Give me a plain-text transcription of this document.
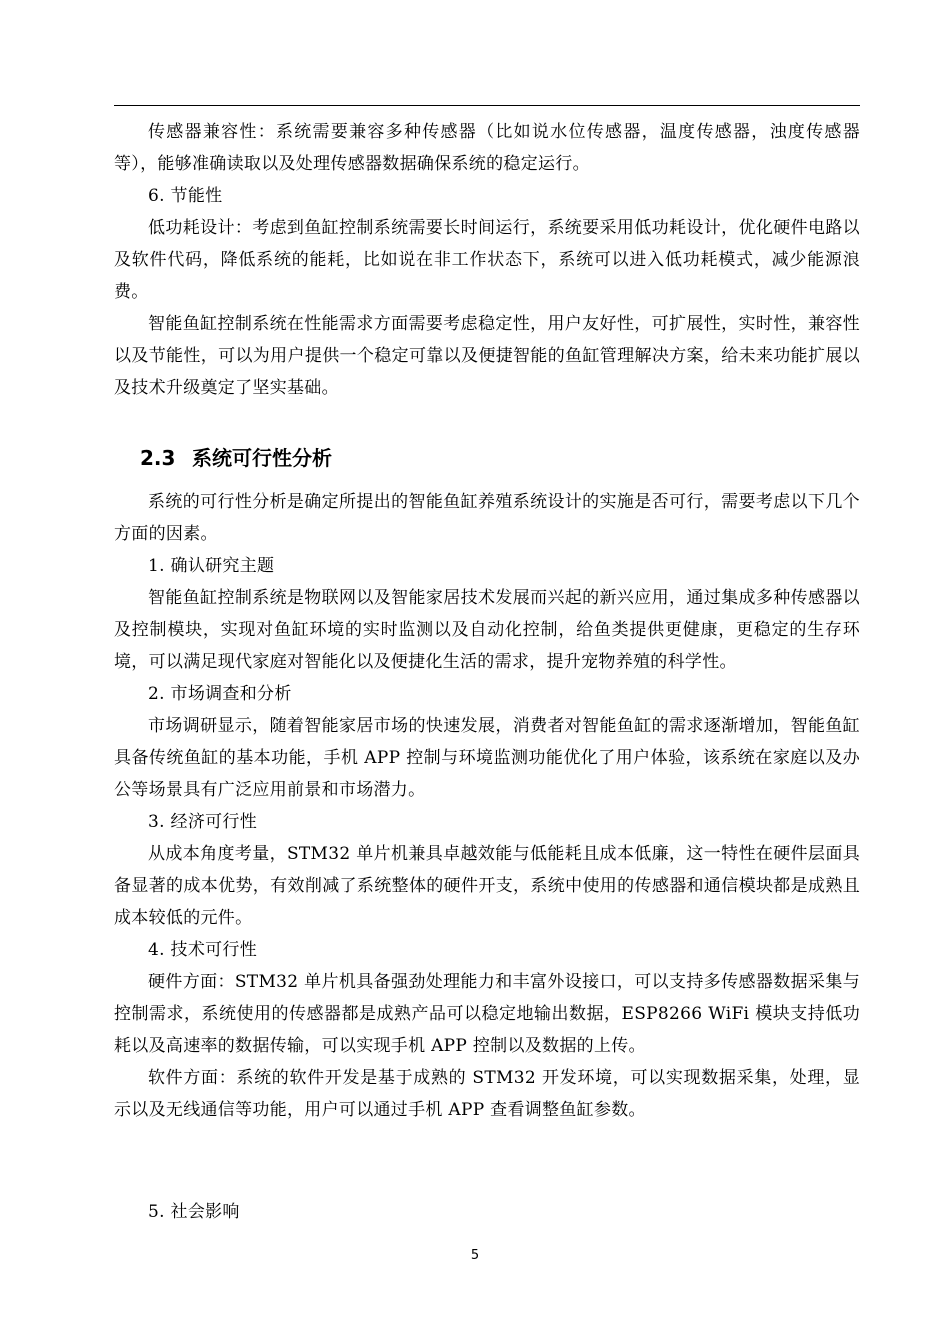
传感器兼容性：系统需要兼容多种传感器（比如说水位传感器，温度传感器，浊度传感器等），能够准确读取以及处理传感器数据确保系统的稳定运行。

6. 节能性

低功耗设计：考虑到鱼缸控制系统需要长时间运行，系统要采用低功耗设计，优化硬件电路以及软件代码，降低系统的能耗，比如说在非工作状态下，系统可以进入低功耗模式，减少能源浪费。

智能鱼缸控制系统在性能需求方面需要考虑稳定性，用户友好性，可扩展性，实时性，兼容性以及节能性，可以为用户提供一个稳定可靠以及便捷智能的鱼缸管理解决方案，给未来功能扩展以及技术升级奠定了坚实基础。

2.3 系统可行性分析

系统的可行性分析是确定所提出的智能鱼缸养殖系统设计的实施是否可行，需要考虑以下几个方面的因素。

1. 确认研究主题

智能鱼缸控制系统是物联网以及智能家居技术发展而兴起的新兴应用，通过集成多种传感器以及控制模块，实现对鱼缸环境的实时监测以及自动化控制，给鱼类提供更健康，更稳定的生存环境，可以满足现代家庭对智能化以及便捷化生活的需求，提升宠物养殖的科学性。

2. 市场调查和分析

市场调研显示，随着智能家居市场的快速发展，消费者对智能鱼缸的需求逐渐增加，智能鱼缸具备传统鱼缸的基本功能，手机 APP 控制与环境监测功能优化了用户体验，该系统在家庭以及办公等场景具有广泛应用前景和市场潜力。

3. 经济可行性

从成本角度考量，STM32 单片机兼具卓越效能与低能耗且成本低廉，这一特性在硬件层面具备显著的成本优势，有效削减了系统整体的硬件开支，系统中使用的传感器和通信模块都是成熟且成本较低的元件。

4. 技术可行性

硬件方面：STM32 单片机具备强劲处理能力和丰富外设接口，可以支持多传感器数据采集与控制需求，系统使用的传感器都是成熟产品可以稳定地输出数据，ESP8266 WiFi 模块支持低功耗以及高速率的数据传输，可以实现手机 APP 控制以及数据的上传。

软件方面：系统的软件开发是基于成熟的 STM32 开发环境，可以实现数据采集，处理，显示以及无线通信等功能，用户可以通过手机 APP 查看调整鱼缸参数。

5. 社会影响

5
